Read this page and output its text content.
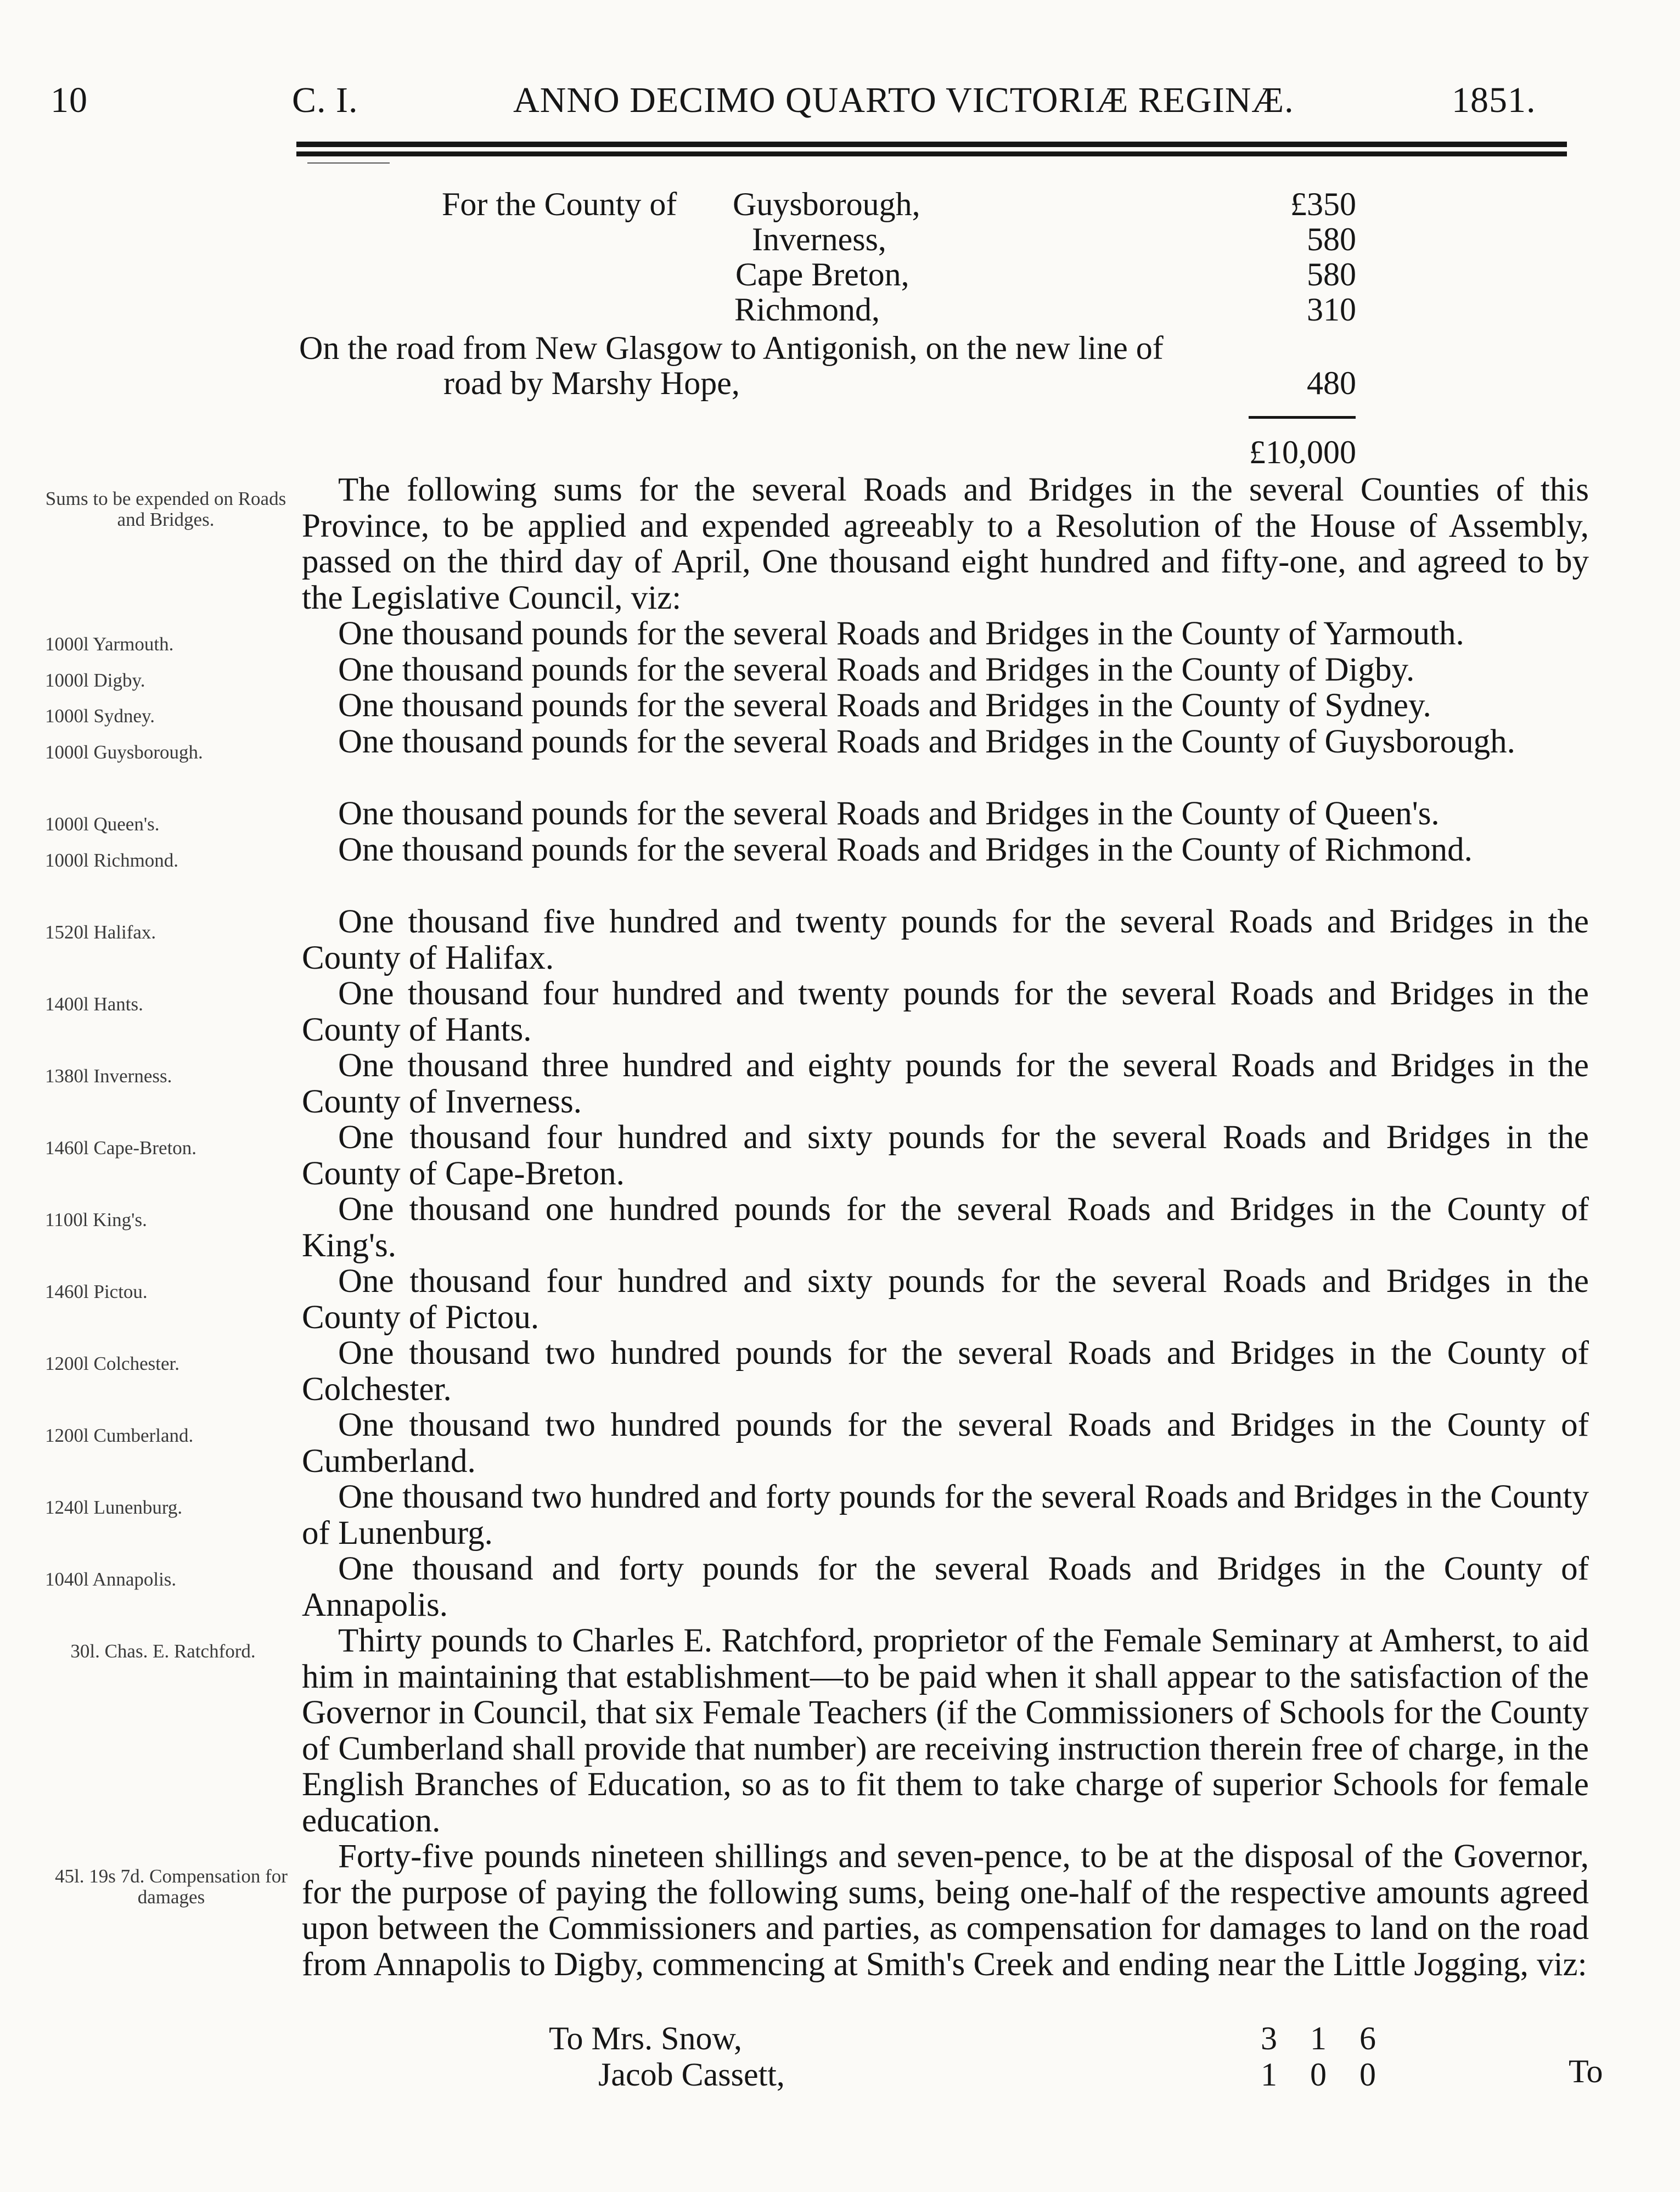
10	C. I.	ANNO DECIMO QUARTO VICTORIÆ REGINÆ.	1851.
For the County of Guysborough,	£350
Inverness,	580
Cape Breton,	580
Richmond,	310
On the road from New Glasgow to Antigonish, on the new line of
road by Marshy Hope,	480
£10,000
Sums to be expended on Roads and Bridges.

The following sums for the several Roads and Bridges in the several Counties of this Province, to be applied and expended agreeably to a Resolution of the House of Assembly, passed on the third day of April, One thousand eight hundred and fifty-one, and agreed to by the Legislative Council, viz:

1000l Yarmouth.	One thousand pounds for the several Roads and Bridges in the County of Yarmouth.

1000l Digby.	One thousand pounds for the several Roads and Bridges in the County of Digby.

1000l Sydney.	One thousand pounds for the several Roads and Bridges in the County of Sydney.

1000l Guysborough.	One thousand pounds for the several Roads and Bridges in the County of Guysborough.

1000l Queen's.	One thousand pounds for the several Roads and Bridges in the County of Queen's.

1000l Richmond.	One thousand pounds for the several Roads and Bridges in the County of Richmond.

1520l Halifax.	One thousand five hundred and twenty pounds for the several Roads and Bridges in the County of Halifax.

1400l Hants.	One thousand four hundred and twenty pounds for the several Roads and Bridges in the County of Hants.

1380l Inverness.	One thousand three hundred and eighty pounds for the several Roads and Bridges in the County of Inverness.

1460l Cape-Breton.	One thousand four hundred and sixty pounds for the several Roads and Bridges in the County of Cape-Breton.

1100l King's.	One thousand one hundred pounds for the several Roads and Bridges in the County of King's.

1460l Pictou.	One thousand four hundred and sixty pounds for the several Roads and Bridges in the County of Pictou.

1200l Colchester.	One thousand two hundred pounds for the several Roads and Bridges in the County of Colchester.

1200l Cumberland.	One thousand two hundred pounds for the several Roads and Bridges in the County of Cumberland.

1240l Lunenburg.	One thousand two hundred and forty pounds for the several Roads and Bridges in the County of Lunenburg.

1040l Annapolis.	One thousand and forty pounds for the several Roads and Bridges in the County of Annapolis.

30l. Chas. E. Ratchford.	Thirty pounds to Charles E. Ratchford, proprietor of the Female Seminary at Amherst, to aid him in maintaining that establishment—to be paid when it shall appear to the satisfaction of the Governor in Council, that six Female Teachers (if the Commissioners of Schools for the County of Cumberland shall provide that number) are receiving instruction therein free of charge, in the English Branches of Education, so as to fit them to take charge of superior Schools for female education.

45l. 19s 7d. Compensation for damages

Forty-five pounds nineteen shillings and seven-pence, to be at the disposal of the Governor, for the purpose of paying the following sums, being one-half of the respective amounts agreed upon between the Commissioners and parties, as compensation for damages to land on the road from Annapolis to Digby, commencing at Smith's Creek and ending near the Little Jogging, viz:

To Mrs. Snow,	3 1 6
Jacob Cassett,	1 0 0	To
